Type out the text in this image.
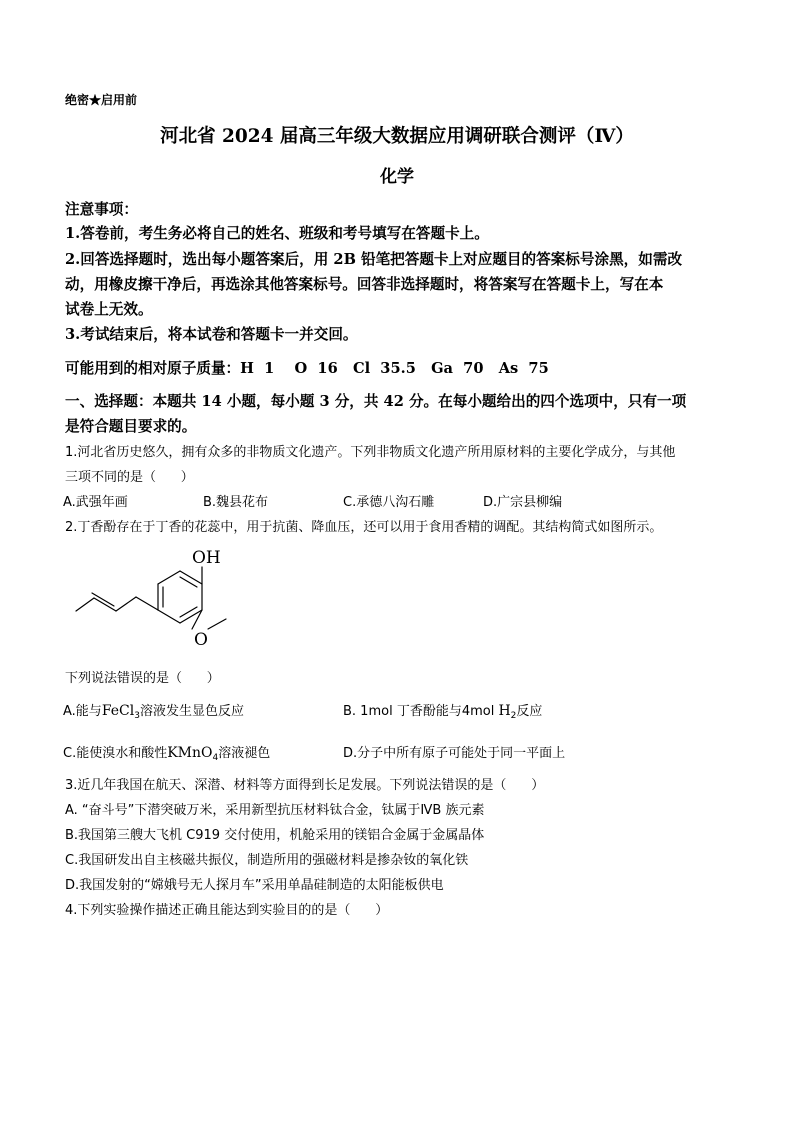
绝密★启用前
河北省 2024 届高三年级大数据应用调研联合测评（Ⅳ）
化学
注意事项：
1.答卷前，考生务必将自己的姓名、班级和考号填写在答题卡上。
2.回答选择题时，选出每小题答案后，用 2B 铅笔把答题卡上对应题目的答案标号涂黑，如需改
动，用橡皮擦干净后，再选涂其他答案标号。回答非选择题时，将答案写在答题卡上，写在本
试卷上无效。
3.考试结束后，将本试卷和答题卡一并交回。
可能用到的相对原子质量：H  1    O  16   Cl  35.5   Ga  70   As  75
一、选择题：本题共 14 小题，每小题 3 分，共 42 分。在每小题给出的四个选项中，只有一项
是符合题目要求的。
1.河北省历史悠久，拥有众多的非物质文化遗产。下列非物质文化遗产所用原材料的主要化学成分，与其他
三项不同的是（      ）
A.武强年画	B.魏县花布	C.承德八沟石雕	D.广宗县柳编
2.丁香酚存在于丁香的花蕊中，用于抗菌、降血压，还可以用于食用香精的调配。其结构简式如图所示。
OH
O
下列说法错误的是（      ）
A.能与FeCl$_3$溶液发生显色反应	B. 1mol 丁香酚能与4mol $H_2$反应
C.能使溴水和酸性KMnO$_4$溶液褪色	D.分子中所有原子可能处于同一平面上
3.近几年我国在航天、深潜、材料等方面得到长足发展。下列说法错误的是（      ）
A. “奋斗号”下潜突破万米，采用新型抗压材料钛合金，钛属于ⅣB 族元素
B.我国第三艘大飞机 C919 交付使用，机舱采用的镁铝合金属于金属晶体
C.我国研发出自主核磁共振仪，制造所用的强磁材料是掺杂钕的氧化铁
D.我国发射的“嫦娥号无人探月车”采用单晶硅制造的太阳能板供电
4.下列实验操作描述正确且能达到实验目的的是（      ）
